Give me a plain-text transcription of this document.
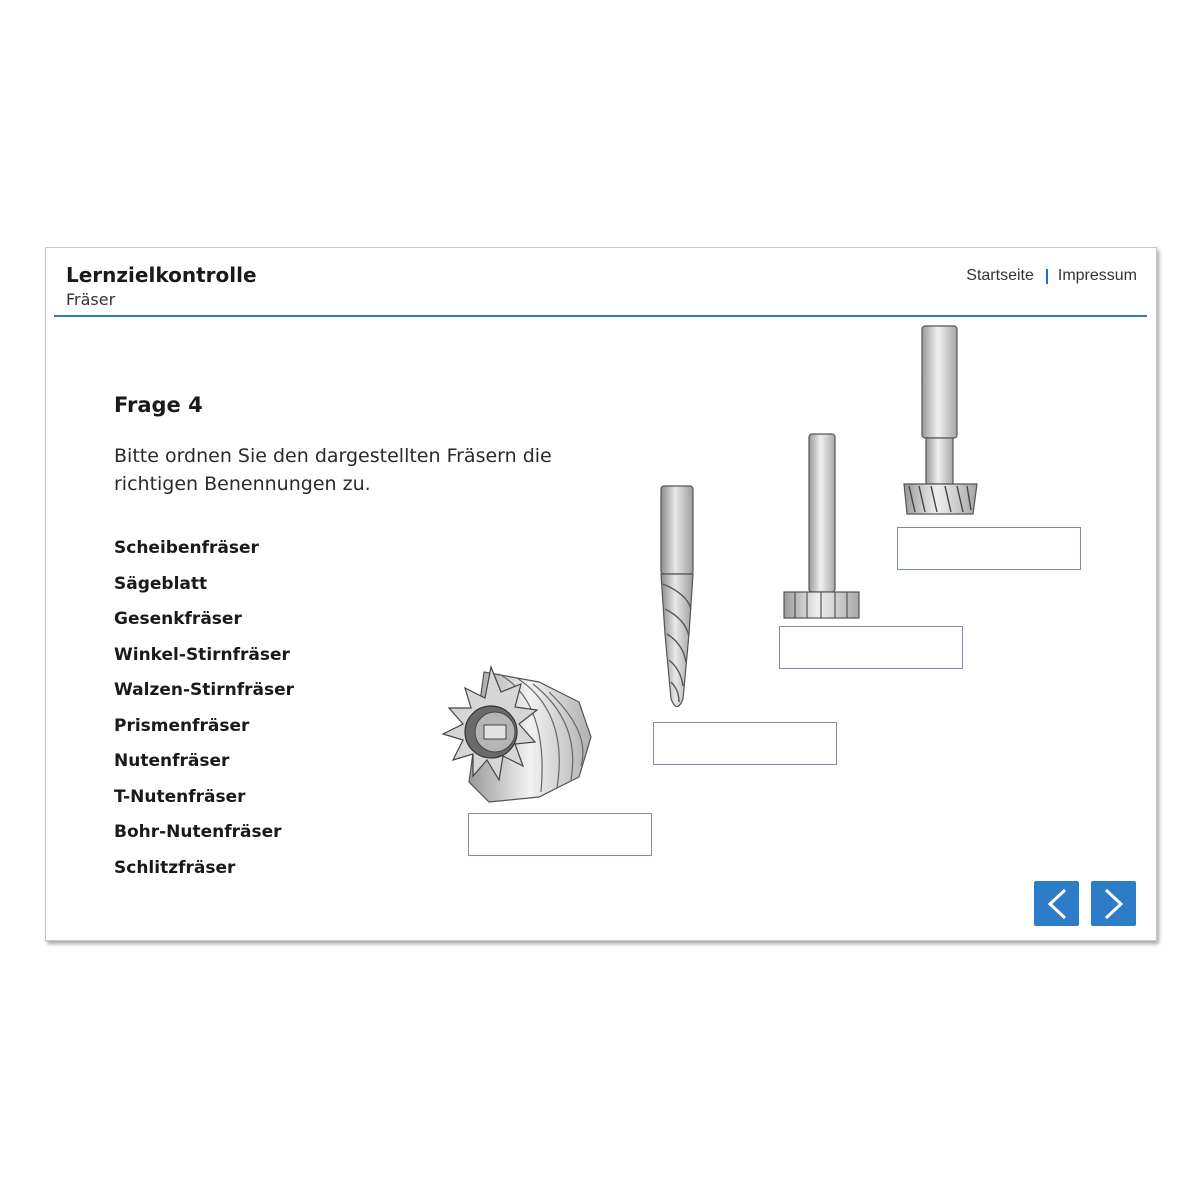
Lernzielkontrolle
Fräser
Startseite Impressum
Frage 4
Bitte ordnen Sie den dargestellten Fräsern die richtigen Benennungen zu.
Scheibenfräser
Sägeblatt
Gesenkfräser
Winkel-Stirnfräser
Walzen-Stirnfräser
Prismenfräser
Nutenfräser
T-Nutenfräser
Bohr-Nutenfräser
Schlitzfräser
